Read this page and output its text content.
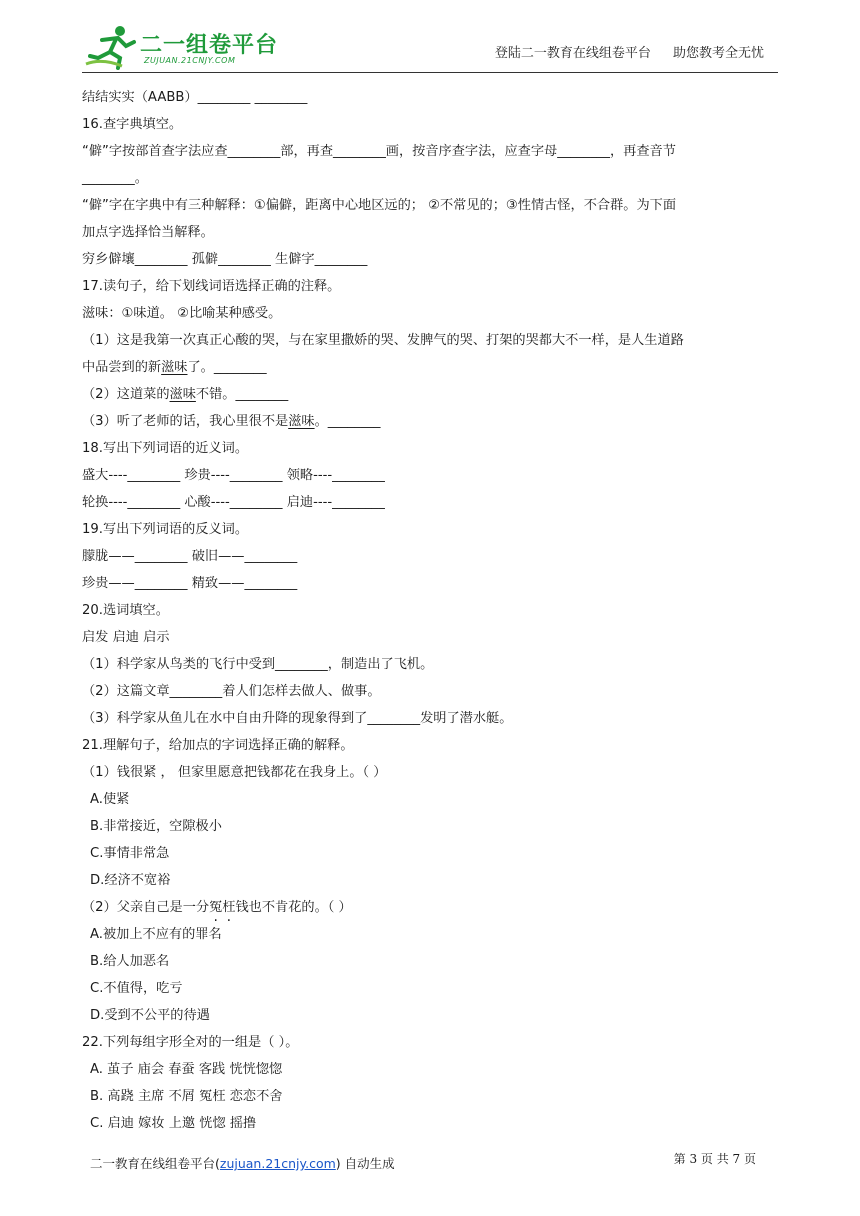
二一组卷平台
ZUJUAN.21CNJY.COM	登陆二一教育在线组卷平台 助您教考全无忧
结结实实（AABB）________ ________
16.查字典填空。
“僻”字按部首查字法应查________部，再查________画，按音序查字法，应查字母________，再查音节
________。
“僻”字在字典中有三种解释：①偏僻，距离中心地区远的； ②不常见的；③性情古怪，不合群。为下面
加点字选择恰当解释。
穷乡僻壤________ 孤僻________ 生僻字________
17.读句子，给下划线词语选择正确的注释。
滋味：①味道。 ②比喻某种感受。
（1）这是我第一次真正心酸的哭，与在家里撒娇的哭、发脾气的哭、打架的哭都大不一样，是人生道路
中品尝到的新滋味了。________
（2）这道菜的滋味不错。________
（3）听了老师的话，我心里很不是滋味。________
18.写出下列词语的近义词。
盛大----________ 珍贵----________ 领略----________
轮换----________ 心酸----________ 启迪----________
19.写出下列词语的反义词。
朦胧——________ 破旧——________
珍贵——________ 精致——________
20.选词填空。
启发 启迪 启示
（1）科学家从鸟类的飞行中受到________，制造出了飞机。
（2）这篇文章________着人们怎样去做人、做事。
（3）科学家从鱼儿在水中自由升降的现象得到了________发明了潜水艇。
21.理解句子，给加点的字词选择正确的解释。
（1）钱很紧 ， 但家里愿意把钱都花在我身上。（ ）
A.使紧
B.非常接近，空隙极小
C.事情非常急
D.经济不宽裕
（2）父亲自己是一分冤枉钱也不肯花的。（ ）
A.被加上不应有的罪名
B.给人加恶名
C.不值得，吃亏
D.受到不公平的待遇
22.下列每组字形全对的一组是（ ）。
A. 茧子 庙会 春蚕 客践 恍恍惚惚
B. 高跷 主席 不屑 冤枉 恋恋不舍
C. 启迪 嫁妆 上邀 恍惚 摇撸
二一教育在线组卷平台(zujuan.21cnjy.com) 自动生成	第 3 页 共 7 页
